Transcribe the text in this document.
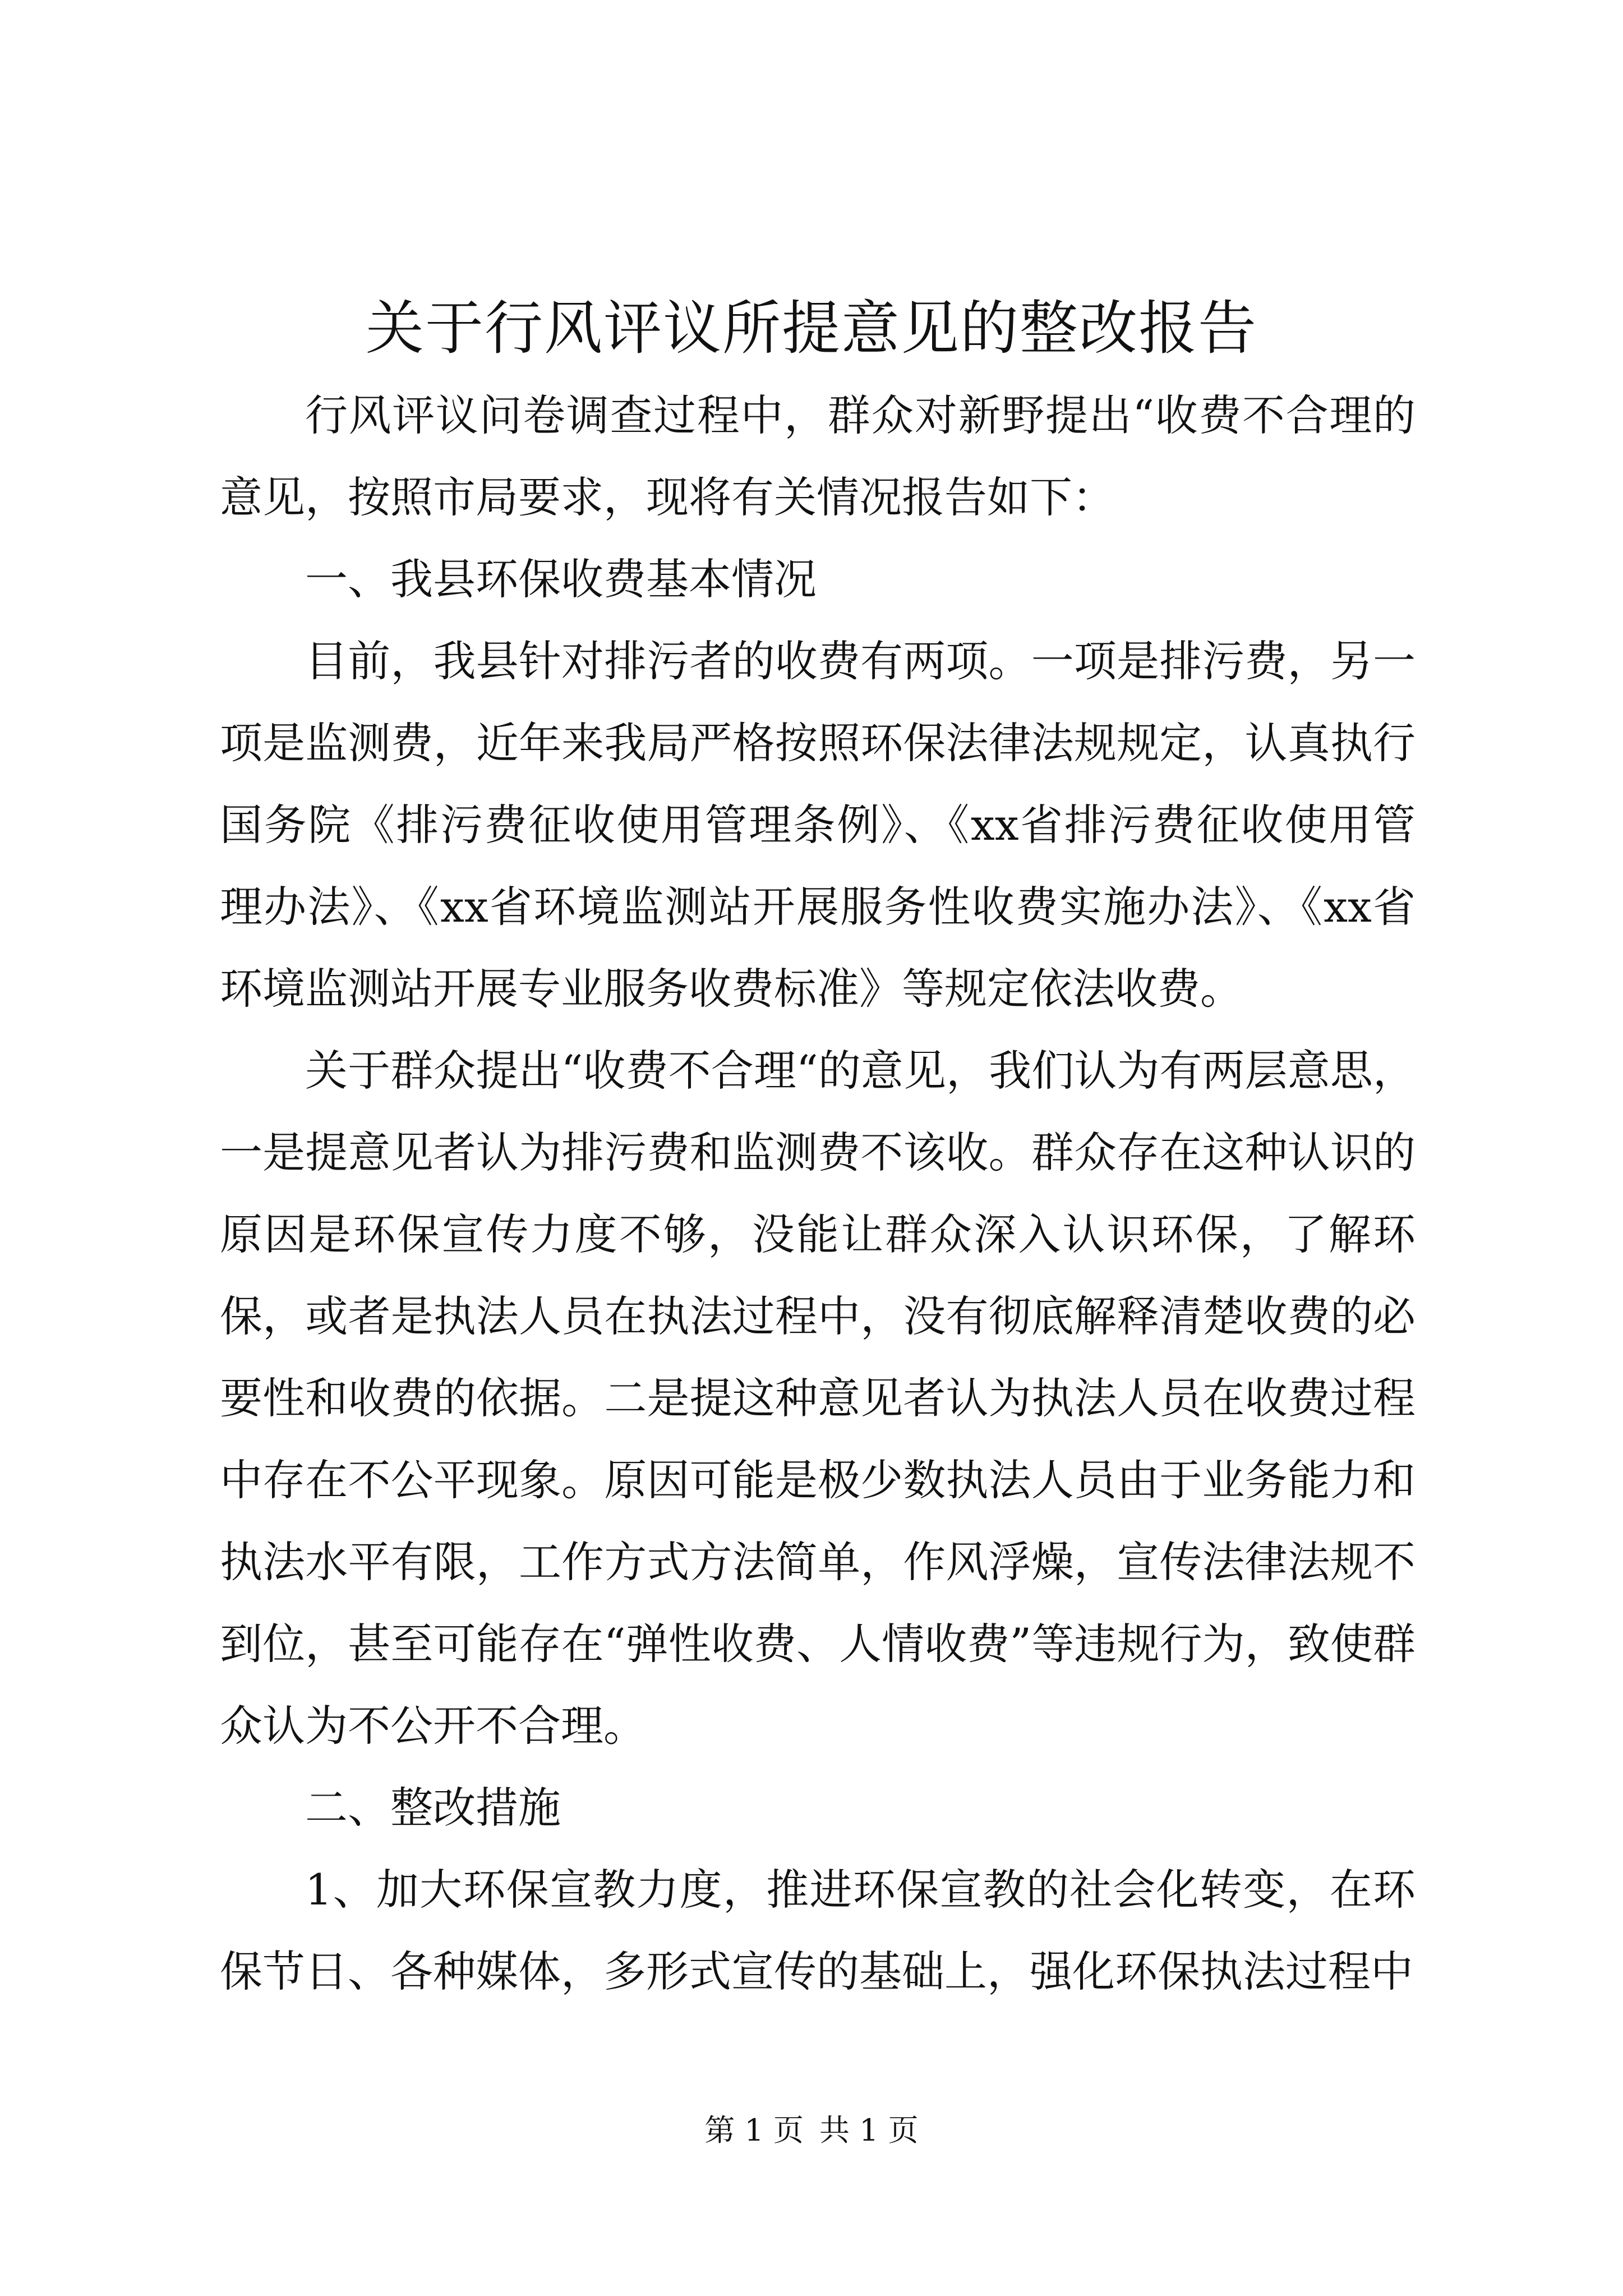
关于行风评议所提意见的整改报告

行风评议问卷调查过程中，群众对新野提出“收费不合理的意见，按照市局要求，现将有关情况报告如下：

一、我县环保收费基本情况

目前，我县针对排污者的收费有两项。一项是排污费，另一项是监测费，近年来我局严格按照环保法律法规规定，认真执行国务院《排污费征收使用管理条例》、《xx省排污费征收使用管理办法》、《xx省环境监测站开展服务性收费实施办法》、《xx省环境监测站开展专业服务收费标准》等规定依法收费。

关于群众提出“收费不合理“的意见，我们认为有两层意思，一是提意见者认为排污费和监测费不该收。群众存在这种认识的原因是环保宣传力度不够，没能让群众深入认识环保，了解环保，或者是执法人员在执法过程中，没有彻底解释清楚收费的必要性和收费的依据。二是提这种意见者认为执法人员在收费过程中存在不公平现象。原因可能是极少数执法人员由于业务能力和执法水平有限，工作方式方法简单，作风浮燥，宣传法律法规不到位，甚至可能存在“弹性收费、人情收费”等违规行为，致使群众认为不公开不合理。

二、整改措施

1、加大环保宣教力度，推进环保宣教的社会化转变，在环保节日、各种媒体，多形式宣传的基础上，强化环保执法过程中

第 1 页 共 1 页
